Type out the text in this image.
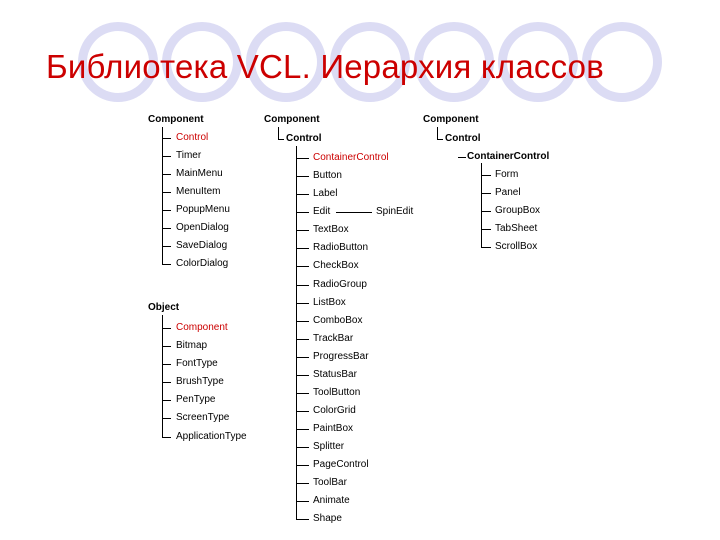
Библиотека VCL. Иерархия классов
Component
Control
Timer
MainMenu
MenuItem
PopupMenu
OpenDialog
SaveDialog
ColorDialog
Object
Component
Bitmap
FontType
BrushType
PenType
ScreenType
ApplicationType
Component
Control
ContainerControl
Button
Label
Edit	SpinEdit
TextBox
RadioButton
CheckBox
RadioGroup
ListBox
ComboBox
TrackBar
ProgressBar
StatusBar
ToolButton
ColorGrid
PaintBox
Splitter
PageControl
ToolBar
Animate
Shape
Component
Control
ContainerControl
Form
Panel
GroupBox
TabSheet
ScrollBox
